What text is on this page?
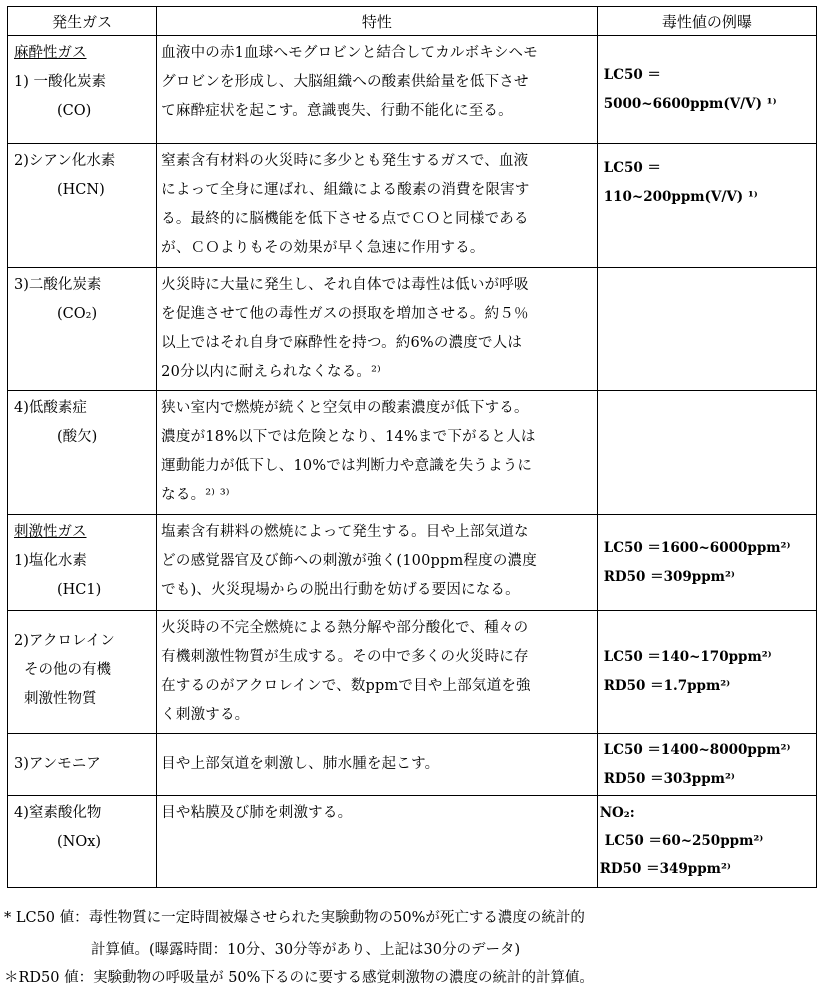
発生ガス	特性	毒性値の例曝

麻酔性ガス
1) 一酸化炭素
(CO)	血液中の赤1血球へモグロビンと結合してカルボキシヘモ
グロビンを形成し、大脳組織への酸素供給量を低下させ
て麻酔症状を起こす。意識喪失、行動不能化に至る。	LC50 ＝
5000~6600ppm(V/V) ¹⁾

2)シアン化水素
(HCN)	窒素含有材料の火災時に多少とも発生するガスで、血液
によって全身に運ばれ、組織による酸素の消費を限害す
る。最終的に脳機能を低下させる点でＣＯと同様である
が、ＣＯよりもその効果が早く急速に作用する。	LC50 ＝
110~200ppm(V/V) ¹⁾

3)二酸化炭素
(CO₂)	火災時に大量に発生し、それ自体では毒性は低いが呼吸
を促進させて他の毒性ガスの摂取を増加させる。約５％
以上ではそれ自身で麻酔性を持つ。約6%の濃度で人は
20分以内に耐えられなくなる。²⁾	

4)低酸素症
(酸欠)	狭い室内で燃焼が続くと空気申の酸素濃度が低下する。
濃度が18%以下では危険となり、14%まで下がると人は
運動能力が低下し、10%では判断力や意識を失うように
なる。²⁾ ³⁾	

刺激性ガス
1)塩化水素
(HC1)	塩素含有耕料の燃焼によって発生する。目や上部気道な
どの感覚器官及び飾への刺激が強く(100ppm程度の濃度
でも)、火災現場からの脱出行動を妨げる要因になる。	LC50 ＝1600~6000ppm²⁾
RD50 ＝309ppm²⁾

2)アクロレイン
その他の有機
刺激性物質	火災時の不完全燃焼による熱分解や部分酸化で、種々の
有機刺激性物質が生成する。その中で多くの火災時に存
在するのがアクロレインで、数ppmで目や上部気道を強
く刺激する。	LC50 ＝140~170ppm²⁾
RD50 ＝1.7ppm²⁾

3)アンモニア	目や上部気道を刺激し、肺水腫を起こす。	LC50 ＝1400~8000ppm²⁾
RD50 ＝303ppm²⁾

4)窒素酸化物
(NOx)	目や粘膜及び肺を刺激する。	NO₂:
LC50 ＝60~250ppm²⁾
RD50 ＝349ppm²⁾
* LC50 値：毒性物質に一定時間被爆させられた実験動物の50%が死亡する濃度の統計的
計算値。(曝露時間：10分、30分等があり、上記は30分のデータ)
＊RD50 値：実験動物の呼吸量が 50%下るのに要する感覚刺激物の濃度の統計的計算値。
